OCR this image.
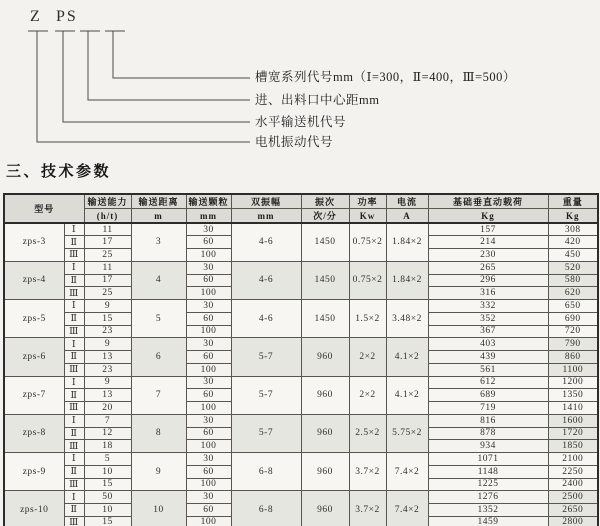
Z PS
槽宽系列代号mm（Ⅰ=300，Ⅱ=400，Ⅲ=500）
进、出料口中心距mm
水平输送机代号
电机振动代号
三、技术参数
型号		输送能力	输送距离	输送颗粒	双振幅	振次	功率	电流	基础垂直动载荷	重量
		(h/t)	m	mm	mm	次/分	Kw	A	Kg	Kg
zps-3	Ⅰ	11	3	30	4-6	1450	0.75×2	1.84×2	157	308
	Ⅱ	17		60					214	420
	Ⅲ	25		100					230	450
zps-4	Ⅰ	11	4	30	4-6	1450	0.75×2	1.84×2	265	520
	Ⅱ	17		60					296	580
	Ⅲ	25		100					316	620
zps-5	Ⅰ	9	5	30	4-6	1450	1.5×2	3.48×2	332	650
	Ⅱ	15		60					352	690
	Ⅲ	23		100					367	720
zps-6	Ⅰ	9	6	30	5-7	960	2×2	4.1×2	403	790
	Ⅱ	13		60					439	860
	Ⅲ	23		100					561	1100
zps-7	Ⅰ	9	7	30	5-7	960	2×2	4.1×2	612	1200
	Ⅱ	13		60					689	1350
	Ⅲ	20		100					719	1410
zps-8	Ⅰ	7	8	30	5-7	960	2.5×2	5.75×2	816	1600
	Ⅱ	12		60					878	1720
	Ⅲ	18		100					934	1850
zps-9	Ⅰ	5	9	30	6-8	960	3.7×2	7.4×2	1071	2100
	Ⅱ	10		60					1148	2250
	Ⅲ	15		100					1225	2400
zps-10	Ⅰ	50	10	30	6-8	960	3.7×2	7.4×2	1276	2500
	Ⅱ	10		60					1352	2650
	Ⅲ	15		100					1459	2800
